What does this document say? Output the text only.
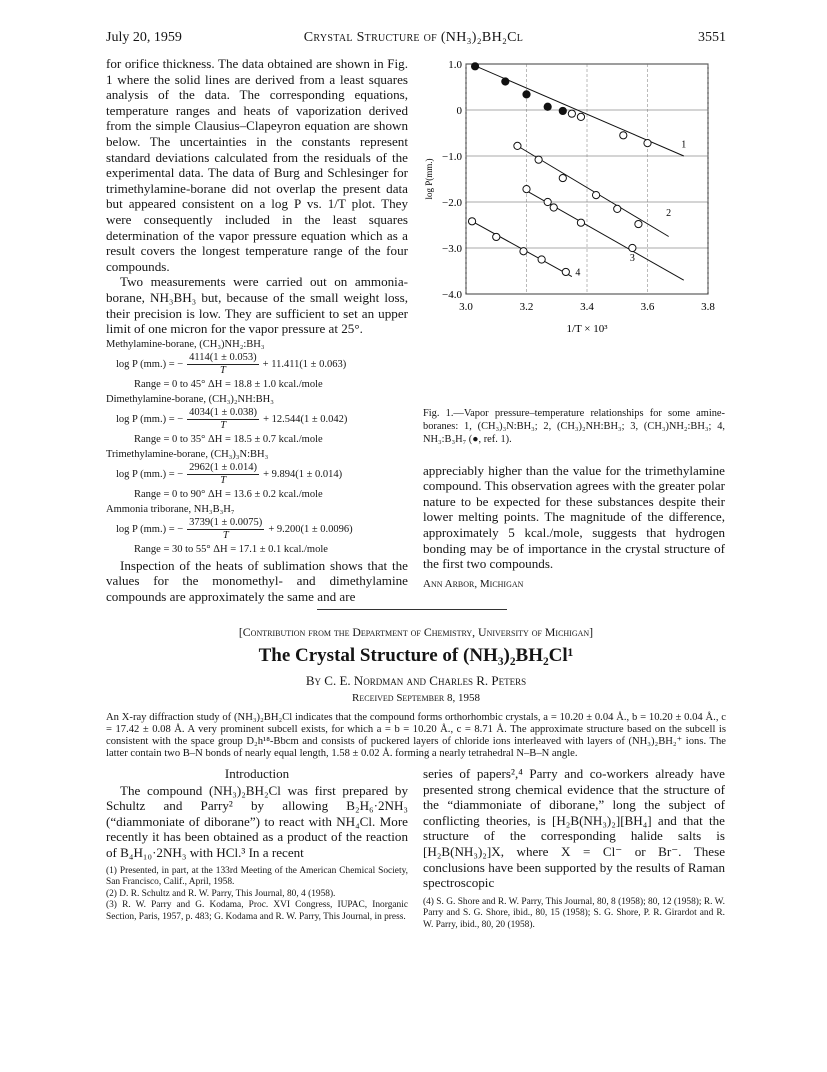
July 20, 1959	Crystal Structure of (NH₃)₂BH₂Cl	3551

for orifice thickness. The data obtained are shown in Fig. 1 where the solid lines are derived from a least squares analysis of the data. The corresponding equations, temperature ranges and heats of vaporization derived from the simple Clausius–Clapeyron equation are shown below. The uncertainties in the constants represent standard deviations calculated from the residuals of the experimental data. The data of Burg and Schlesinger for trimethylamine-borane did not overlap the present data but appeared consistent on a log P vs. 1/T plot. They were consequently included in the least squares determination of the vapor pressure equation which as a result covers the longest temperature range of the four compounds.

Two measurements were carried out on ammonia-borane, NH₃BH₃ but, because of the small weight loss, their precision is low. They are sufficient to set an upper limit of one micron for the vapor pressure at 25°.

Methylamine-borane, (CH₃)NH₂:BH₃
log P (mm.) = − $\frac{4114(1 \pm 0.053)}{T} + 11.411(1 \pm 0.063)$
Range = 0 to 45° ΔH = 18.8 ± 1.0 kcal./mole
Dimethylamine-borane, (CH₃)₂NH:BH₃
log P (mm.) = − $\frac{4034(1 \pm 0.038)}{T} + 12.544(1 \pm 0.042)$
Range = 0 to 35° ΔH = 18.5 ± 0.7 kcal./mole
Trimethylamine-borane, (CH₃)₃N:BH₃
log P (mm.) = − $\frac{2962(1 \pm 0.014)}{T} + 9.894(1 \pm 0.014)$
Range = 0 to 90° ΔH = 13.6 ± 0.2 kcal./mole
Ammonia triborane, NH₃B₃H₇
log P (mm.) = − $\frac{3739(1 \pm 0.0075)}{T} + 9.200(1 \pm 0.0096)$
Range = 30 to 55° ΔH = 17.1 ± 0.1 kcal./mole

Inspection of the heats of sublimation shows that the values for the monomethyl- and dimethylamine compounds are approximately the same and are

1.0
0
−1.0
−2.0
−3.0
−4.0
3.0	3.2	3.4	3.6	3.8
1/T × 10³
log P(mm.)
1
2
3
4

Fig. 1.—Vapor pressure–temperature relationships for some amine-boranes: 1, (CH₃)₃N:BH₃; 2, (CH₃)₂NH:BH₃; 3, (CH₃)NH₂:BH₃; 4, NH₃:B₃H₇ (●, ref. 1).

appreciably higher than the value for the trimethylamine compound. This observation agrees with the greater polar nature to be expected for these substances despite their lower melting points. The magnitude of the difference, approximately 5 kcal./mole, suggests that hydrogen bonding may be of importance in the crystal structure of the first two compounds.

Ann Arbor, Michigan
[Contribution from the Department of Chemistry, University of Michigan]
The Crystal Structure of (NH₃)₂BH₂Cl¹
By C. E. Nordman and Charles R. Peters
Received September 8, 1958
An X-ray diffraction study of (NH₃)₂BH₂Cl indicates that the compound forms orthorhombic crystals, a = 10.20 ± 0.04 Å., b = 10.20 ± 0.04 Å., c = 17.42 ± 0.08 Å. A very prominent subcell exists, for which a = b = 10.20 Å., c = 8.71 Å. The approximate structure based on the subcell is consistent with the space group D₂h¹⁸-Bbcm and consists of puckered layers of chloride ions interleaved with layers of (NH₃)₂BH₂⁺ ions. The latter contain two B–N bonds of nearly equal length, 1.58 ± 0.02 Å. forming a nearly tetrahedral N–B–N angle.
Introduction

The compound (NH₃)₂BH₂Cl was first prepared by Schultz and Parry² by allowing B₂H₆·2NH₃ (“diammoniate of diborane”) to react with NH₄Cl. More recently it has been obtained as a product of the reaction of B₄H₁₀·2NH₃ with HCl.³ In a recent

(1) Presented, in part, at the 133rd Meeting of the American Chemical Society, San Francisco, Calif., April, 1958.

(2) D. R. Schultz and R. W. Parry, This Journal, 80, 4 (1958).

(3) R. W. Parry and G. Kodama, Proc. XVI Congress, IUPAC, Inorganic Section, Paris, 1957, p. 483; G. Kodama and R. W. Parry, This Journal, in press.

series of papers²,⁴ Parry and co-workers already have presented strong chemical evidence that the structure of the “diammoniate of diborane,” long the subject of conflicting theories, is [H₂B(NH₃)₂][BH₄] and that the structure of the corresponding halide salts is [H₂B(NH₃)₂]X, where X = Cl⁻ or Br⁻. These conclusions have been supported by the results of Raman spectroscopic

(4) S. G. Shore and R. W. Parry, This Journal, 80, 8 (1958); 80, 12 (1958); R. W. Parry and S. G. Shore, ibid., 80, 15 (1958); S. G. Shore, P. R. Girardot and R. W. Parry, ibid., 80, 20 (1958).
